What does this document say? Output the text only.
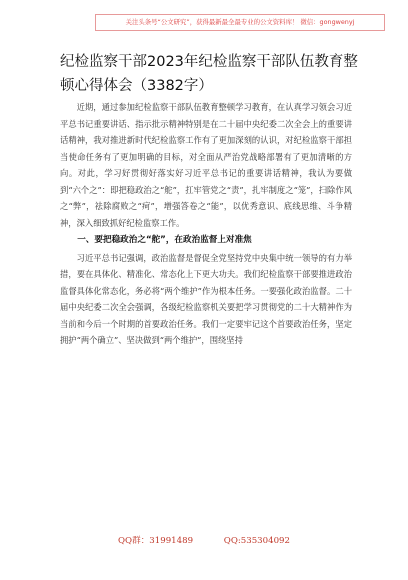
关注头条号“公文研究”，获得最新最全最专业的公文资料库！ 微信：gongwenyj
纪检监察干部2023年纪检监察干部队伍教育整顿心得体会（3382字）

近期，通过参加纪检监察干部队伍教育整顿学习教育，在认真学习领会习近平总书记重要讲话、指示批示精神特别是在二十届中央纪委二次全会上的重要讲话精神，我对推进新时代纪检监察工作有了更加深刻的认识，对纪检监察干部担当使命任务有了更加明确的目标，对全面从严治党战略部署有了更加清晰的方向。对此，学习好贯彻好落实好习近平总书记的重要讲话精神，我认为要做到“六个之”：即把稳政治之“舵”，扛牢管党之“责”，扎牢制度之“笼”，扫除作风之“弊”，祛除腐败之“疴”，增强答卷之“能”，以优秀意识、底线思维、斗争精神，深入细致抓好纪检监察工作。

一、要把稳政治之“舵”，在政治监督上对准焦

习近平总书记强调，政治监督是督促全党坚持党中央集中统一领导的有力举措，要在具体化、精准化、常态化上下更大功夫。我们纪检监察干部要推进政治监督具体化常态化，务必将“两个维护”作为根本任务。一要强化政治监督。二十届中央纪委二次全会强调，各级纪检监察机关要把学习贯彻党的二十大精神作为当前和今后一个时期的首要政治任务。我们一定要牢记这个首要政治任务，坚定拥护“两个确立”、坚决做到“两个维护”，围绕坚持

QQ群：31991489	QQ:535304092
